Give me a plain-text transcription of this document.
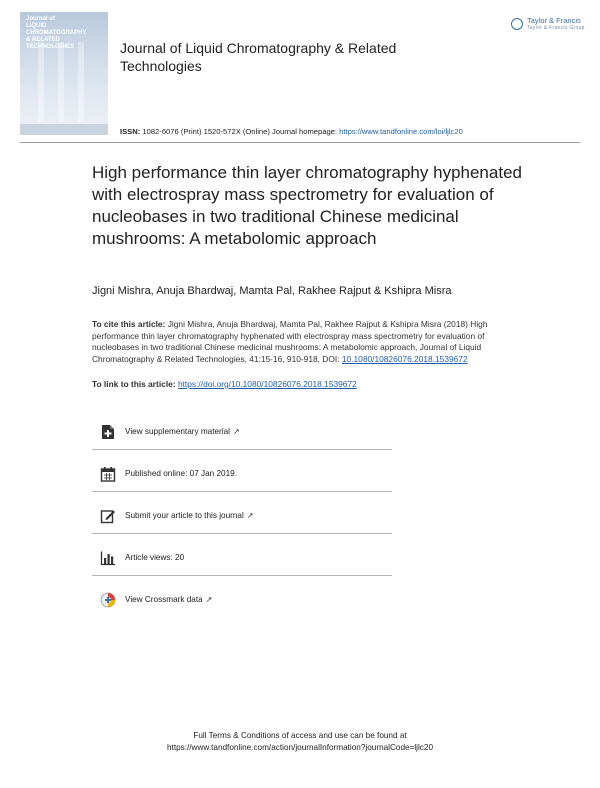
Journal of
LIQUID
CHROMATOGRAPHY
& RELATED TECHNOLOGIES	Journal of Liquid Chromatography & Related Technologies
Taylor & Francis
Taylor & Francis Group
ISSN: 1082-6076 (Print) 1520-572X (Online) Journal homepage: https://www.tandfonline.com/loi/ljlc20
High performance thin layer chromatography hyphenated with electrospray mass spectrometry for evaluation of nucleobases in two traditional Chinese medicinal mushrooms: A metabolomic approach
Jigni Mishra, Anuja Bhardwaj, Mamta Pal, Rakhee Rajput & Kshipra Misra
To cite this article: Jigni Mishra, Anuja Bhardwaj, Mamta Pal, Rakhee Rajput & Kshipra Misra (2018) High performance thin layer chromatography hyphenated with electrospray mass spectrometry for evaluation of nucleobases in two traditional Chinese medicinal mushrooms: A metabolomic approach, Journal of Liquid Chromatography & Related Technologies, 41:15-16, 910-918, DOI: 10.1080/10826076.2018.1539672
To link to this article: https://doi.org/10.1080/10826076.2018.1539672
View supplementary material ↗
Published online: 07 Jan 2019.
Submit your article to this journal ↗
Article views: 20
View Crossmark data ↗
Full Terms & Conditions of access and use can be found at
https://www.tandfonline.com/action/journalInformation?journalCode=ljlc20
